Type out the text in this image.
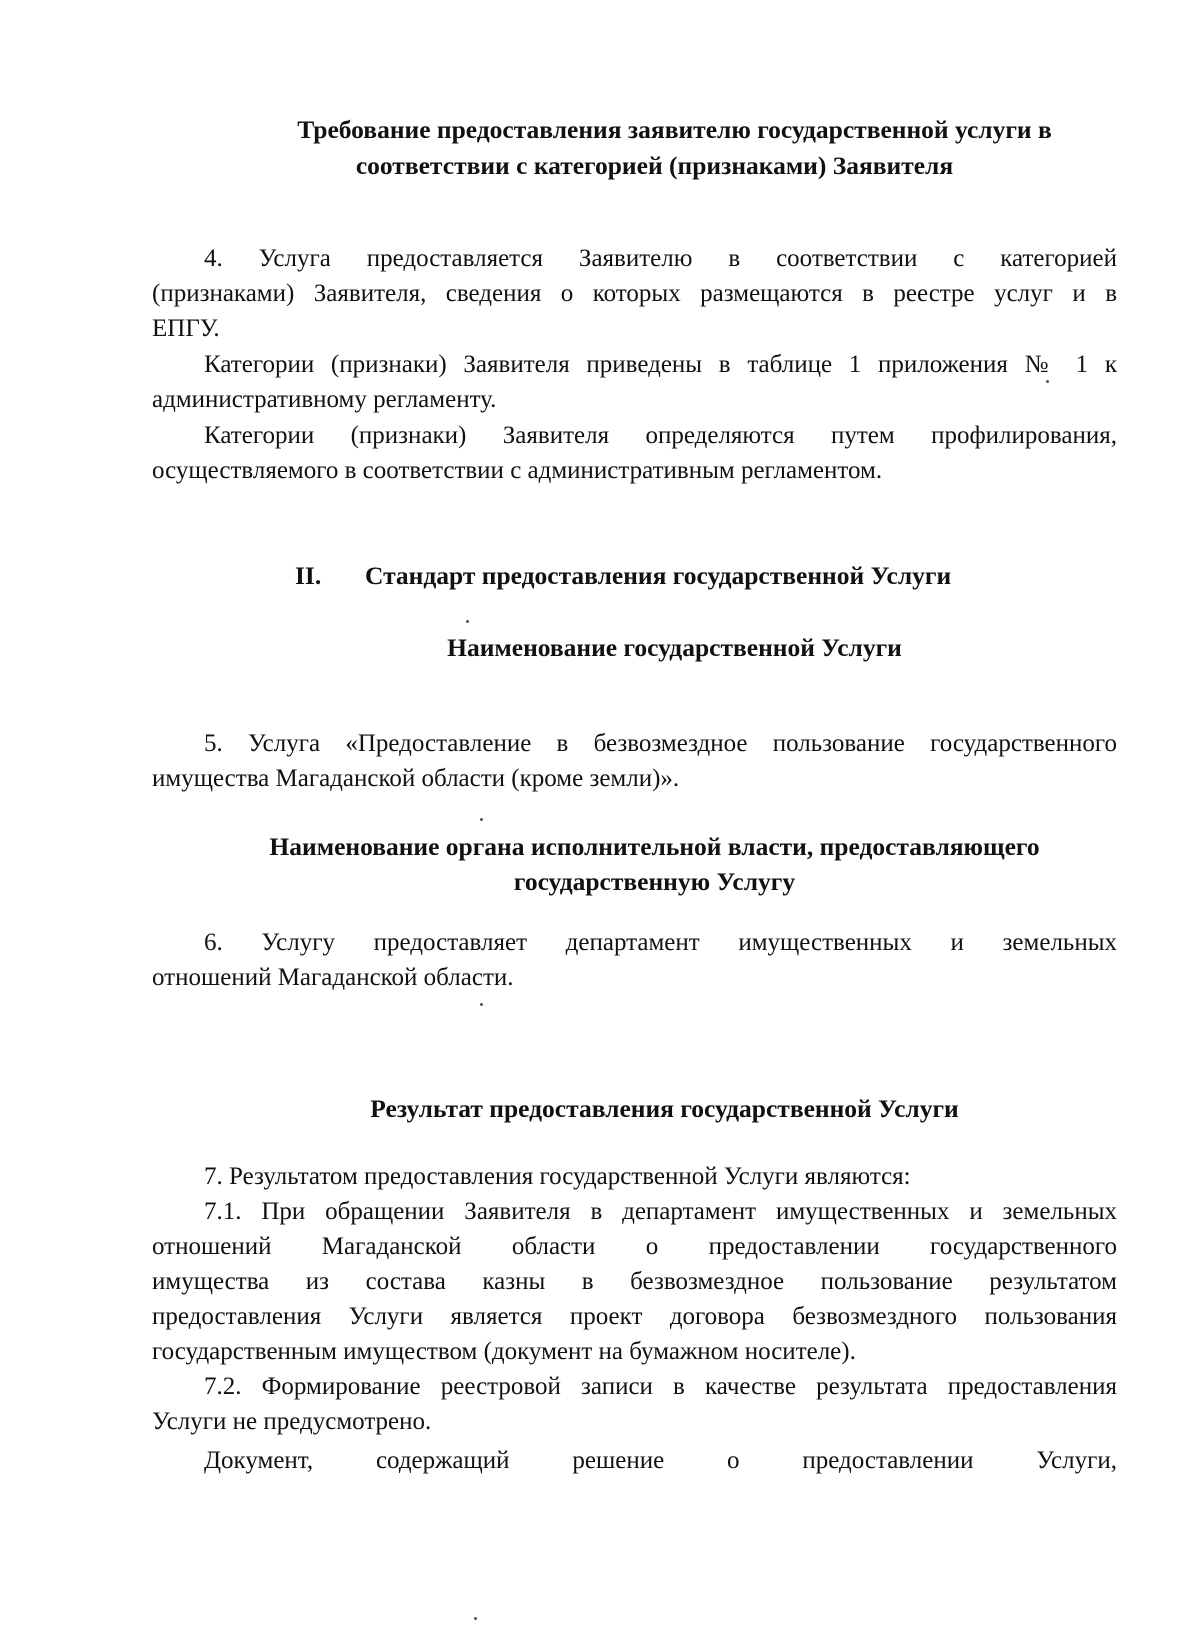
Требование предоставления заявителю государственной услуги в
соответствии с категорией (признаками) Заявителя
4. Услуга предоставляется Заявителю в соответствии с категорией
(признаками) Заявителя, сведения о которых размещаются в реестре услуг и в
ЕПГУ.
Категории (признаки) Заявителя приведены в таблице 1 приложения № 1 к
административному регламенту.
Категории (признаки) Заявителя определяются путем профилирования,
осуществляемого в соответствии с административным регламентом.
II. Стандарт предоставления государственной Услуги
Наименование государственной Услуги
5. Услуга «Предоставление в безвозмездное пользование государственного
имущества Магаданской области (кроме земли)».
Наименование органа исполнительной власти, предоставляющего
государственную Услугу
6. Услугу предоставляет департамент имущественных и земельных
отношений Магаданской области.
Результат предоставления государственной Услуги
7. Результатом предоставления государственной Услуги являются:
7.1. При обращении Заявителя в департамент имущественных и земельных
отношений Магаданской области о предоставлении государственного
имущества из состава казны в безвозмездное пользование результатом
предоставления Услуги является проект договора безвозмездного пользования
государственным имуществом (документ на бумажном носителе).
7.2. Формирование реестровой записи в качестве результата предоставления
Услуги не предусмотрено.
Документ, содержащий решение о предоставлении Услуги,
